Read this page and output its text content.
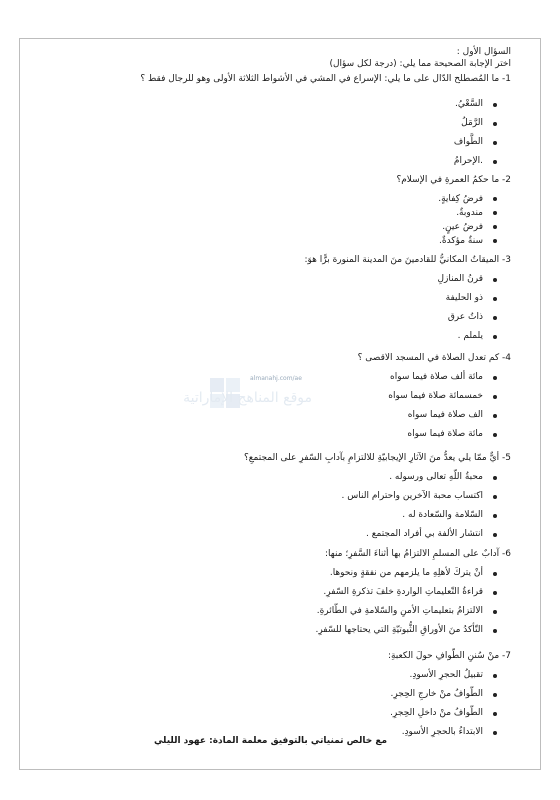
السؤال الأول :

اختر الإجابة الصحيحة مما يلي: (درجة لكل سؤال)

1- ما المُصطلح الدّال على ما يلي: الإسراع في المشي في الأشواط الثلاثة الأولى وهو للرجال فقط ؟

السَّعْيُ.
الرَّمَلُ
الطَّواف
.الإحرامُ

2- ما حكمُ العمرةِ في الإسلام؟

فرضُ كِفايةٍ.
مندوبةٌ.
فرضُ عينٍ.
سنةٌ مؤكدةٌ.

3- الميقاتُ المكانيُّ للقادمينَ منَ المدينة المنورة برًّا هوَ:

قرنُ المنازلِ
ذو الحليفة
ذاتُ عرق
يلملم .

4- كم تعدل الصلاة في المسجد الاقصى ؟

مائة ألف صلاة فيما سواه
خمسمائة صلاة فيما سواه
الف صلاة فيما سواه
مائة صلاة فيما سواه

5- أيٌّ ممّا يلي يعدُّ منَ الآثارِ الإيجابيّةِ للالتزامِ بآدابِ السّفرِ على المجتمعِ؟

محبةُ اللّهِ تعالى ورسوله .
اكتساب محبة الآخرين واحترام الناس .
السّلامة والسّعادة له .
انتشار الألفة بي أفراد المجتمع .

6- آدابٌ على المسلمِ الالتزامُ بها أثناءَ السَّفرِ؛ منها:

أنْ يتركَ لأهلِهِ ما يلزمهم من نفقةٍ ونحوها.
قراءةُ التّعليماتِ الواردةِ خلفَ تذكرةِ السّفرِ.
الالتزامُ بتعليماتِ الأمنِ والسّلامةِ في الطّائرةِ.
التّأكدُ منَ الأوراقِ الثُّبوتيّةِ التي يحتاجها للسّفرِ.

7- منْ سُننِ الطّوافِ حولَ الكعبةِ:

تقبيلُ الحجرِ الأسودِ.
الطّوافُ منْ خارجِ الحِجرِ.
الطّوافُ منْ داخلِ الحِجرِ.
الابتداءُ بالحجرِ الأسودِ.
موقع المناهج الإماراتية
almanahj.com/ae
مع خالص تمنياتي بالتوفيق معلمة المادة: عهود الليلي
